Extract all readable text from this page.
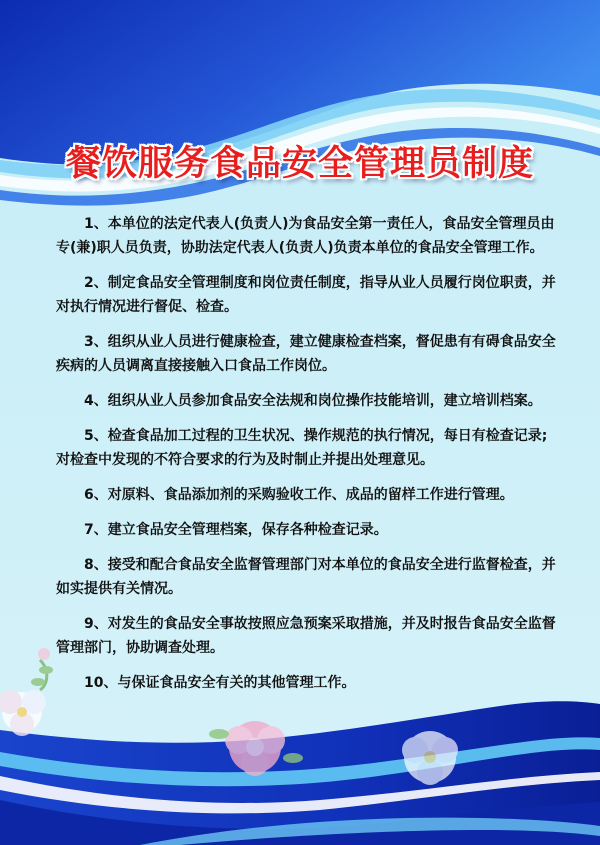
餐饮服务食品安全管理员制度

1、本单位的法定代表人(负责人)为食品安全第一责任人，食品安全管理员由专(兼)职人员负责，协助法定代表人(负责人)负责本单位的食品安全管理工作。

2、制定食品安全管理制度和岗位责任制度，指导从业人员履行岗位职责，并对执行情况进行督促、检查。

3、组织从业人员进行健康检查，建立健康检查档案，督促患有有碍食品安全疾病的人员调离直接接触入口食品工作岗位。

4、组织从业人员参加食品安全法规和岗位操作技能培训，建立培训档案。

5、检查食品加工过程的卫生状况、操作规范的执行情况，每日有检查记录;对检查中发现的不符合要求的行为及时制止并提出处理意见。

6、对原料、食品添加剂的采购验收工作、成品的留样工作进行管理。

7、建立食品安全管理档案，保存各种检查记录。

8、接受和配合食品安全监督管理部门对本单位的食品安全进行监督检查，并如实提供有关情况。

9、对发生的食品安全事故按照应急预案采取措施，并及时报告食品安全监督管理部门，协助调查处理。

10、与保证食品安全有关的其他管理工作。
